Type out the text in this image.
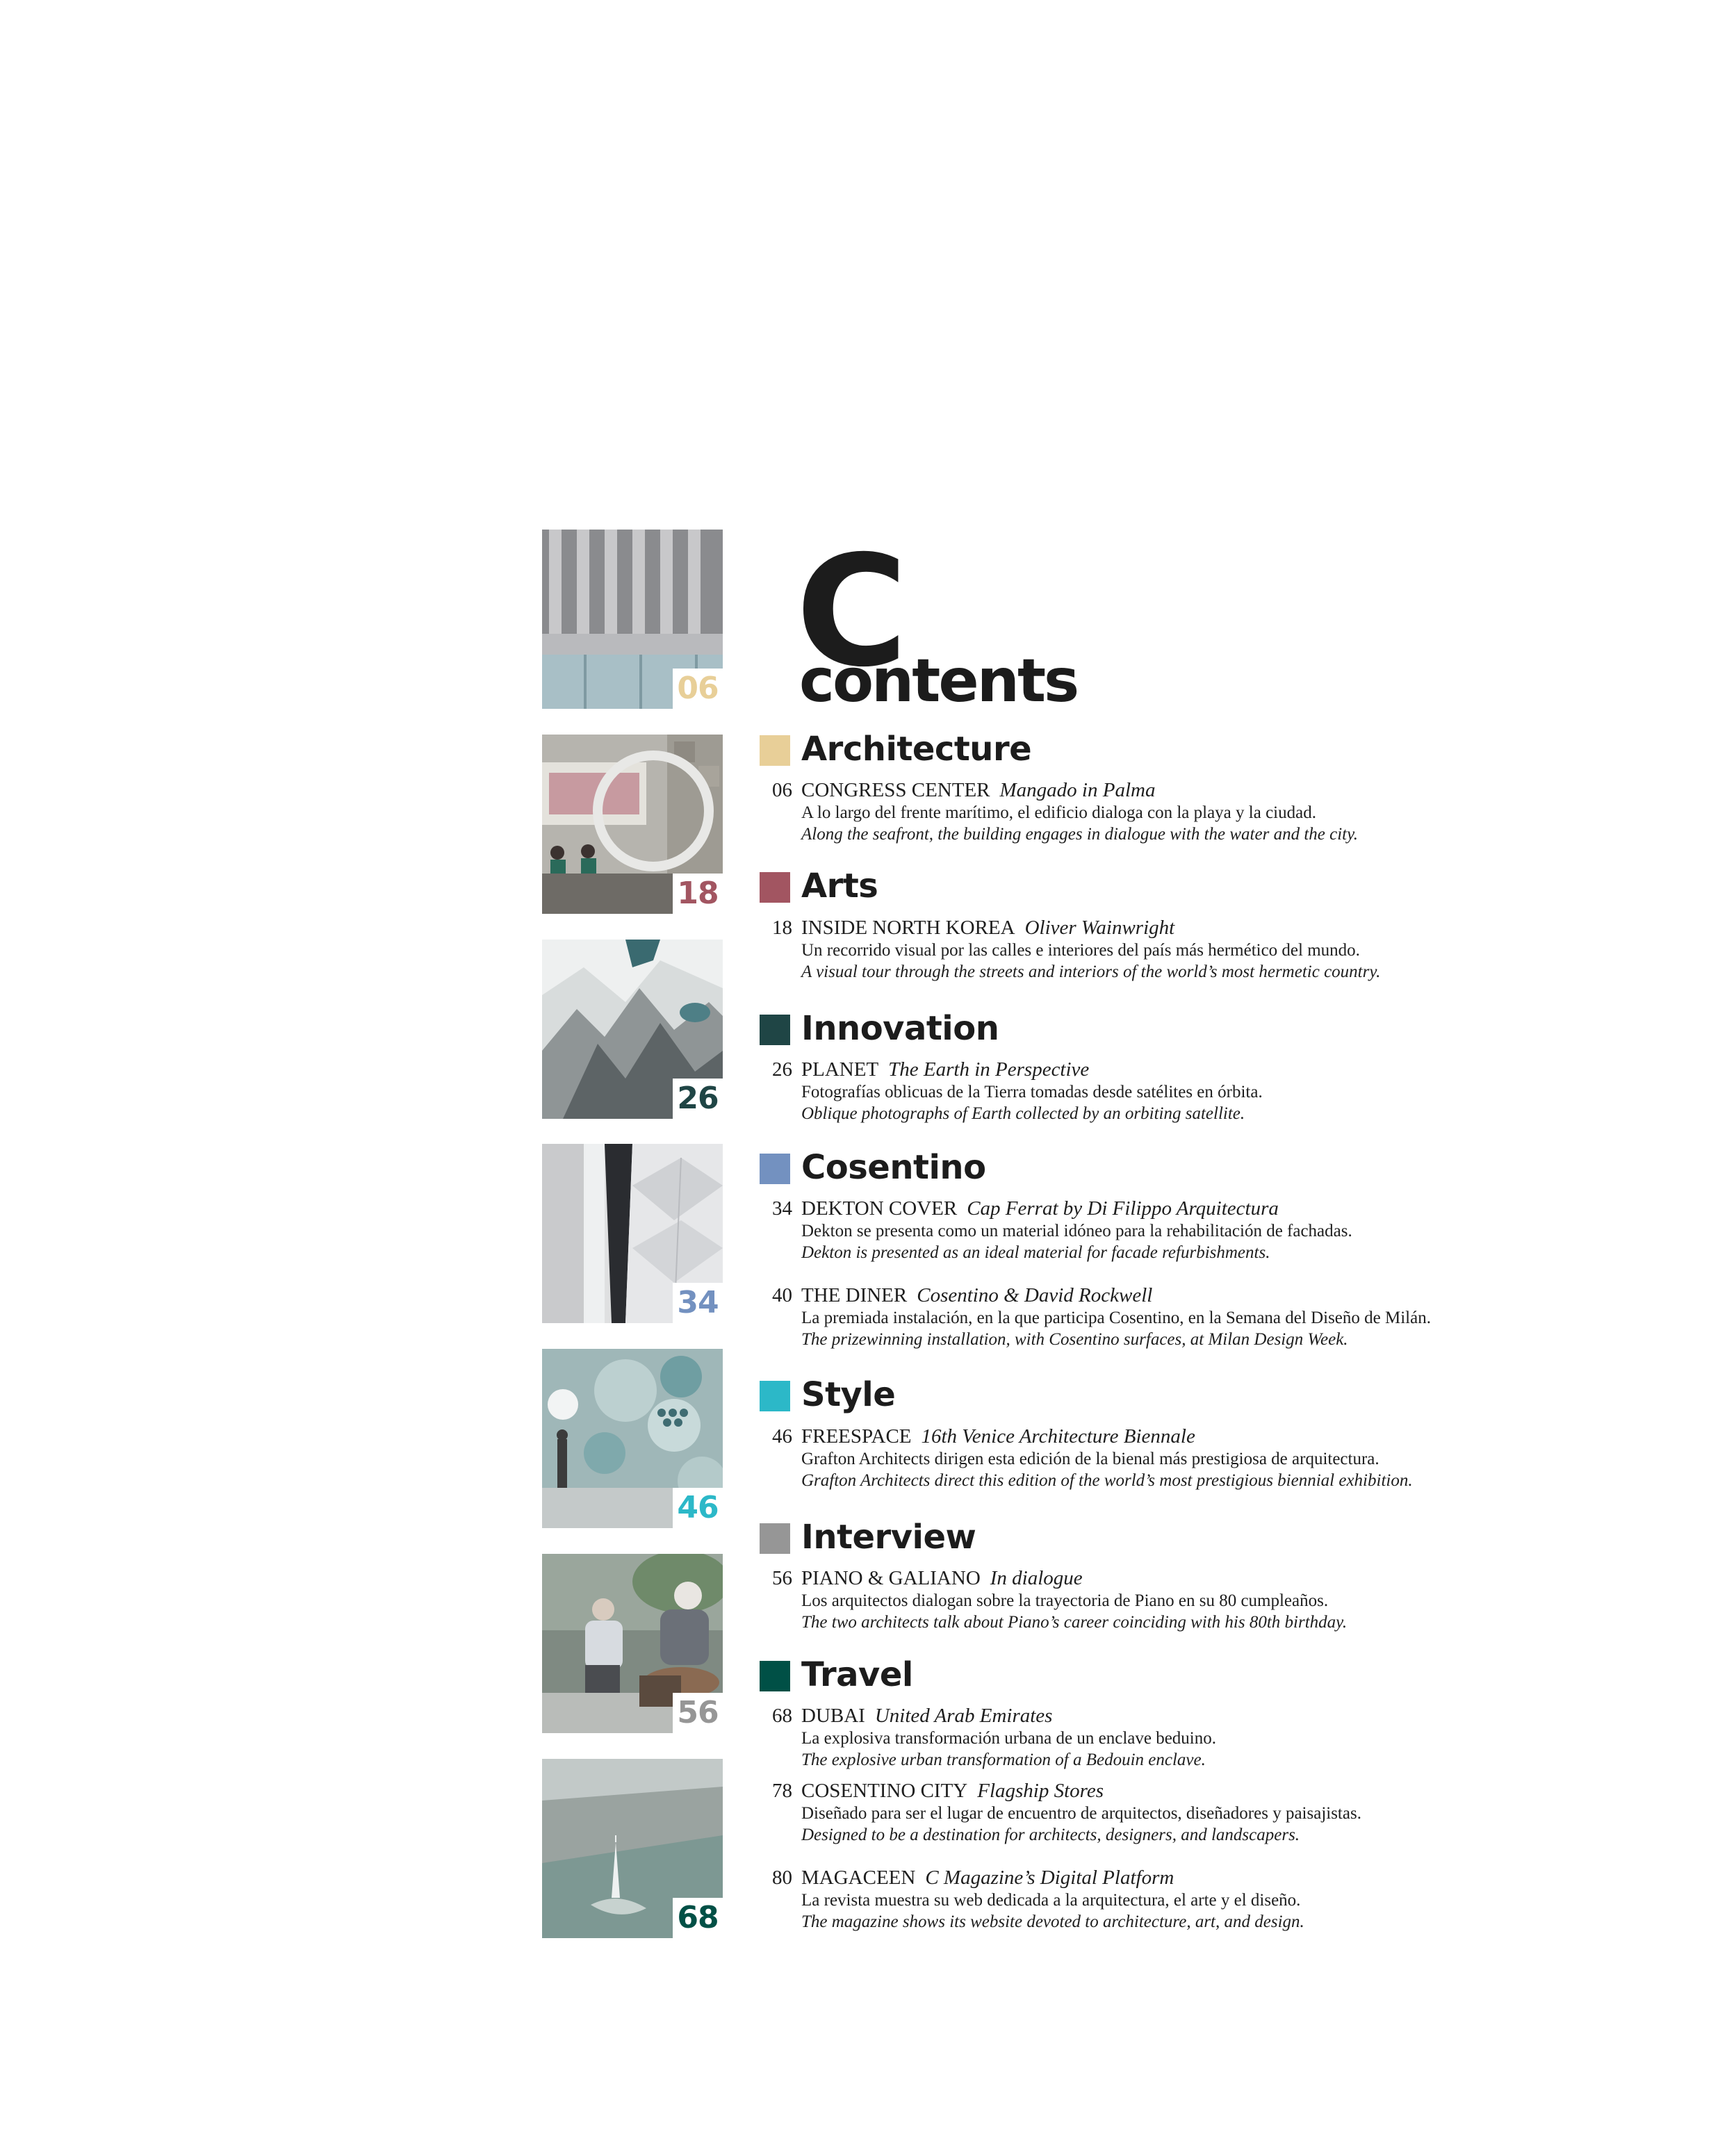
06
18
26
34
46
56
68
C
contents
Architecture
06 CONGRESS CENTER Mangado in Palma
A lo largo del frente marítimo, el edificio dialoga con la playa y la ciudad.
Along the seafront, the building engages in dialogue with the water and the city.
Arts
18 INSIDE NORTH KOREA Oliver Wainwright
Un recorrido visual por las calles e interiores del país más hermético del mundo.
A visual tour through the streets and interiors of the world’s most hermetic country.
Innovation
26 PLANET The Earth in Perspective
Fotografías oblicuas de la Tierra tomadas desde satélites en órbita.
Oblique photographs of Earth collected by an orbiting satellite.
Cosentino
34 DEKTON COVER Cap Ferrat by Di Filippo Arquitectura
Dekton se presenta como un material idóneo para la rehabilitación de fachadas.
Dekton is presented as an ideal material for facade refurbishments.
40 THE DINER Cosentino & David Rockwell
La premiada instalación, en la que participa Cosentino, en la Semana del Diseño de Milán.
The prizewinning installation, with Cosentino surfaces, at Milan Design Week.
Style
46 FREESPACE 16th Venice Architecture Biennale
Grafton Architects dirigen esta edición de la bienal más prestigiosa de arquitectura.
Grafton Architects direct this edition of the world’s most prestigious biennial exhibition.
Interview
56 PIANO & GALIANO In dialogue
Los arquitectos dialogan sobre la trayectoria de Piano en su 80 cumpleaños.
The two architects talk about Piano’s career coinciding with his 80th birthday.
Travel
68 DUBAI United Arab Emirates
La explosiva transformación urbana de un enclave beduino.
The explosive urban transformation of a Bedouin enclave.
78 COSENTINO CITY Flagship Stores
Diseñado para ser el lugar de encuentro de arquitectos, diseñadores y paisajistas.
Designed to be a destination for architects, designers, and landscapers.
80 MAGACEEN C Magazine’s Digital Platform
La revista muestra su web dedicada a la arquitectura, el arte y el diseño.
The magazine shows its website devoted to architecture, art, and design.
